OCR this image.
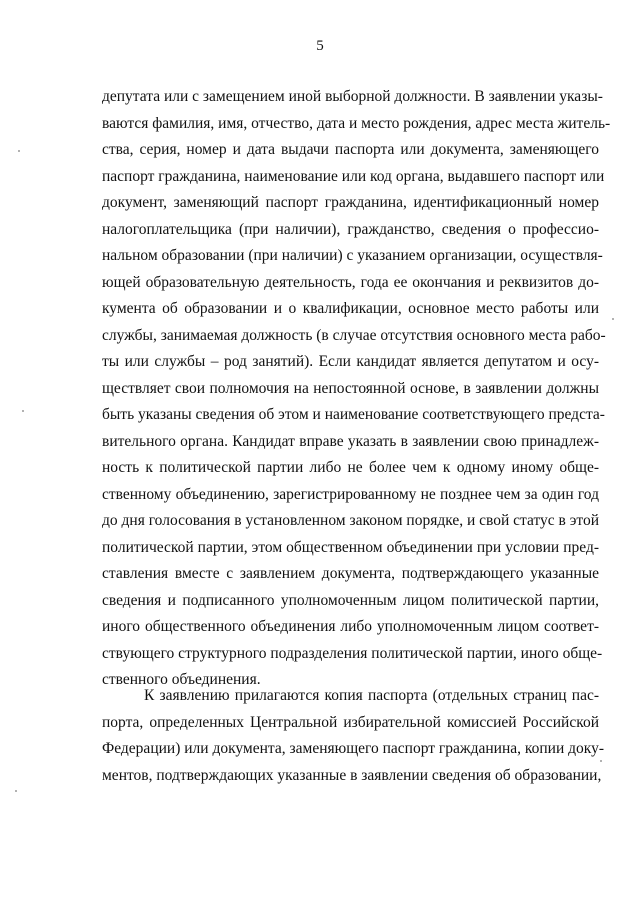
5
депутата или с замещением иной выборной должности. В заявлении указы-
ваются фамилия, имя, отчество, дата и место рождения, адрес места житель-
ства, серия, номер и дата выдачи паспорта или документа, заменяющего
паспорт гражданина, наименование или код органа, выдавшего паспорт или
документ, заменяющий паспорт гражданина, идентификационный номер
налогоплательщика (при наличии), гражданство, сведения о профессио-
нальном образовании (при наличии) с указанием организации, осуществля-
ющей образовательную деятельность, года ее окончания и реквизитов до-
кумента об образовании и о квалификации, основное место работы или
службы, занимаемая должность (в случае отсутствия основного места рабо-
ты или службы – род занятий). Если кандидат является депутатом и осу-
ществляет свои полномочия на непостоянной основе, в заявлении должны
быть указаны сведения об этом и наименование соответствующего предста-
вительного органа. Кандидат вправе указать в заявлении свою принадлеж-
ность к политической партии либо не более чем к одному иному обще-
ственному объединению, зарегистрированному не позднее чем за один год
до дня голосования в установленном законом порядке, и свой статус в этой
политической партии, этом общественном объединении при условии пред-
ставления вместе с заявлением документа, подтверждающего указанные
сведения и подписанного уполномоченным лицом политической партии,
иного общественного объединения либо уполномоченным лицом соответ-
ствующего структурного подразделения политической партии, иного обще-
ственного объединения.
К заявлению прилагаются копия паспорта (отдельных страниц пас-
порта, определенных Центральной избирательной комиссией Российской
Федерации) или документа, заменяющего паспорт гражданина, копии доку-
ментов, подтверждающих указанные в заявлении сведения об образовании,
